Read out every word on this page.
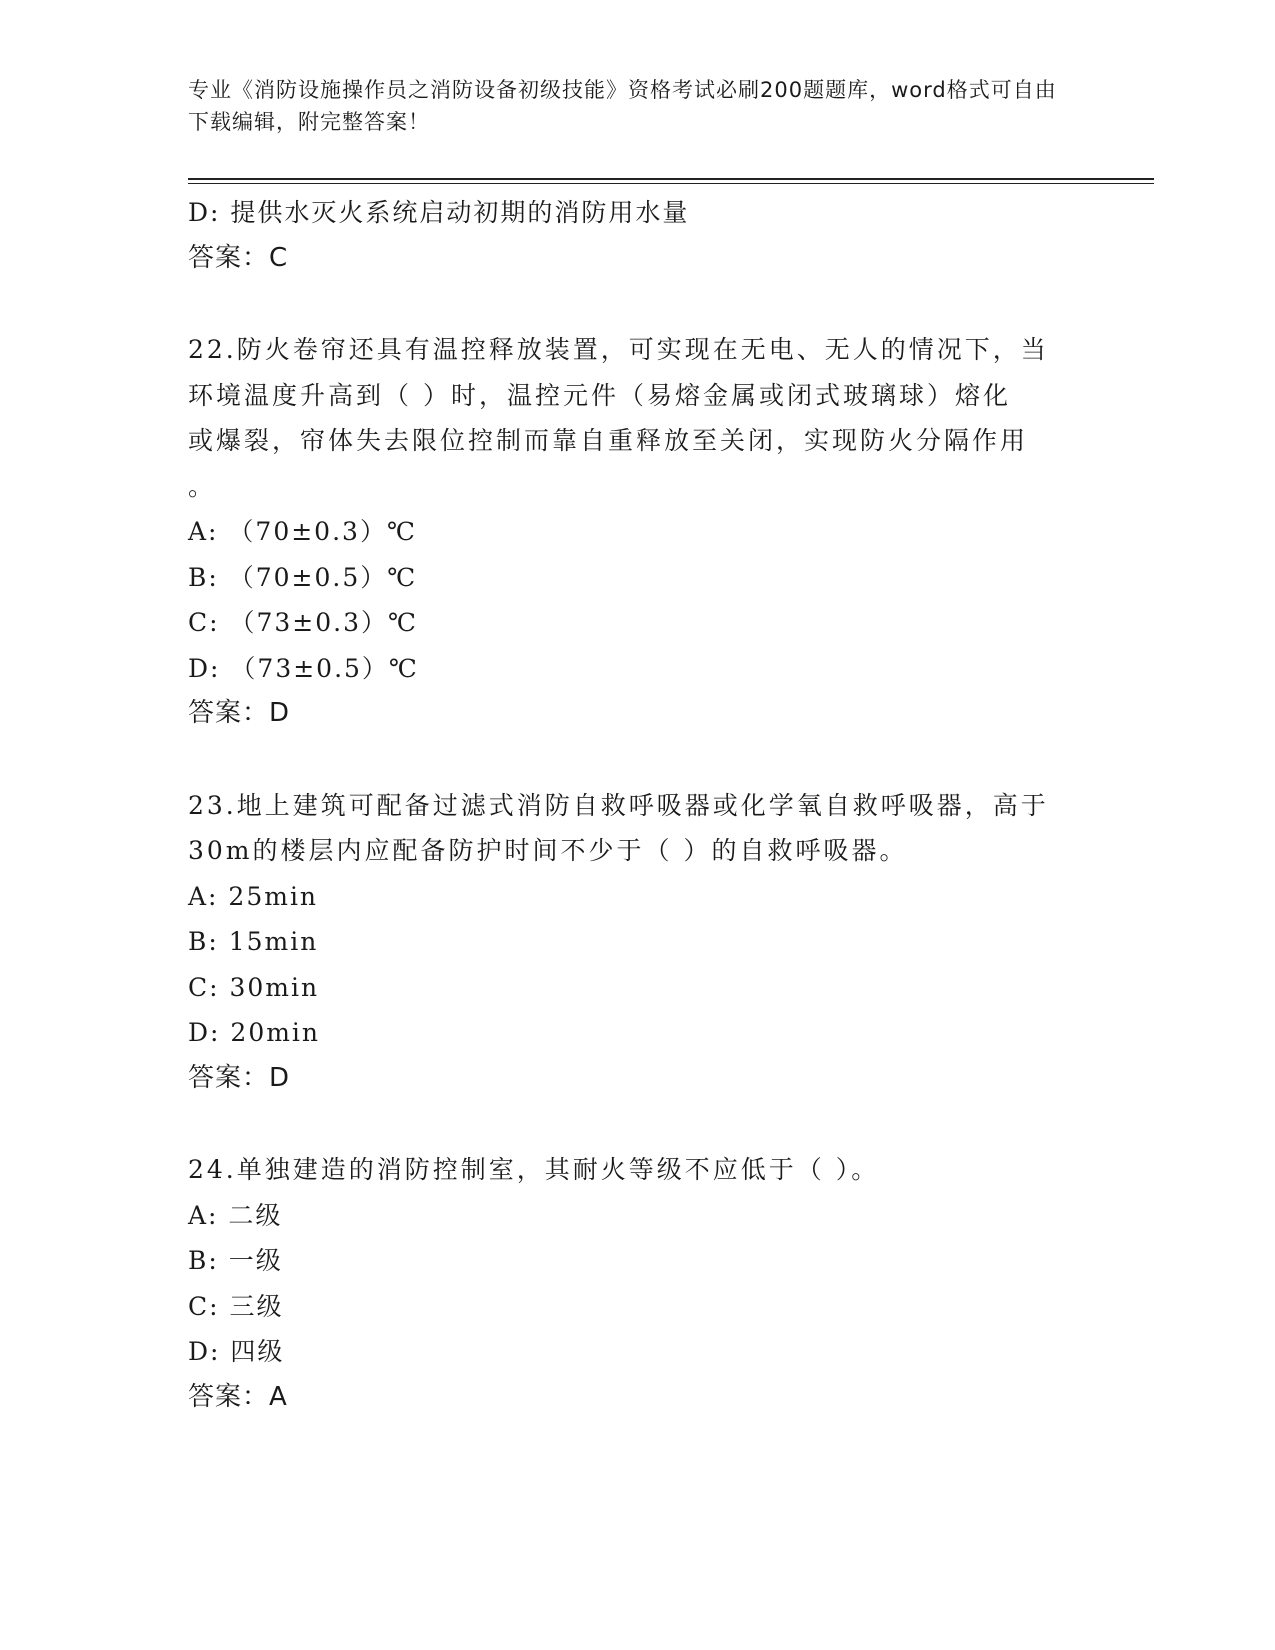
专业《消防设施操作员之消防设备初级技能》资格考试必刷200题题库，word格式可自由下载编辑，附完整答案！
D: 提供水灭火系统启动初期的消防用水量
答案：C
22.防火卷帘还具有温控释放装置，可实现在无电、无人的情况下，当
环境温度升高到（ ）时，温控元件（易熔金属或闭式玻璃球）熔化
或爆裂，帘体失去限位控制而靠自重释放至关闭，实现防火分隔作用
。
A: （70±0.3）℃
B: （70±0.5）℃
C: （73±0.3）℃
D: （73±0.5）℃
答案：D
23.地上建筑可配备过滤式消防自救呼吸器或化学氧自救呼吸器，高于
30m的楼层内应配备防护时间不少于（ ）的自救呼吸器。
A: 25min
B: 15min
C: 30min
D: 20min
答案：D
24.单独建造的消防控制室，其耐火等级不应低于（ ）。
A: 二级
B: 一级
C: 三级
D: 四级
答案：A
